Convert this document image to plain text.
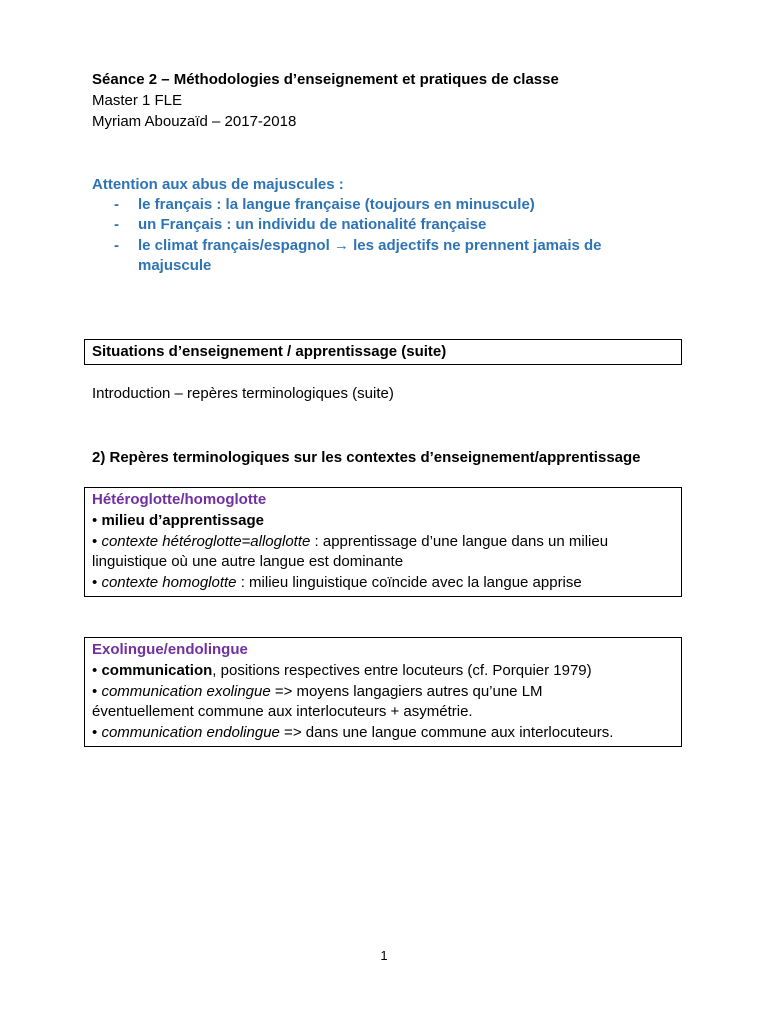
Séance 2 – Méthodologies d’enseignement et pratiques de classe
Master 1 FLE
Myriam Abouzaïd – 2017-2018
Attention aux abus de majuscules :
- le français : la langue française (toujours en minuscule)
- un Français : un individu de nationalité française
- le climat français/espagnol → les adjectifs ne prennent jamais de
majuscule
Situations d’enseignement / apprentissage (suite)
Introduction – repères terminologiques (suite)
2) Repères terminologiques sur les contextes d’enseignement/apprentissage
Hétéroglotte/homoglotte
• milieu d’apprentissage
• contexte hétéroglotte=alloglotte : apprentissage d’une langue dans un milieu
linguistique où une autre langue est dominante
• contexte homoglotte : milieu linguistique coïncide avec la langue apprise
Exolingue/endolingue
• communication, positions respectives entre locuteurs (cf. Porquier 1979)
• communication exolingue => moyens langagiers autres qu’une LM
éventuellement commune aux interlocuteurs + asymétrie.
• communication endolingue => dans une langue commune aux interlocuteurs.
1
